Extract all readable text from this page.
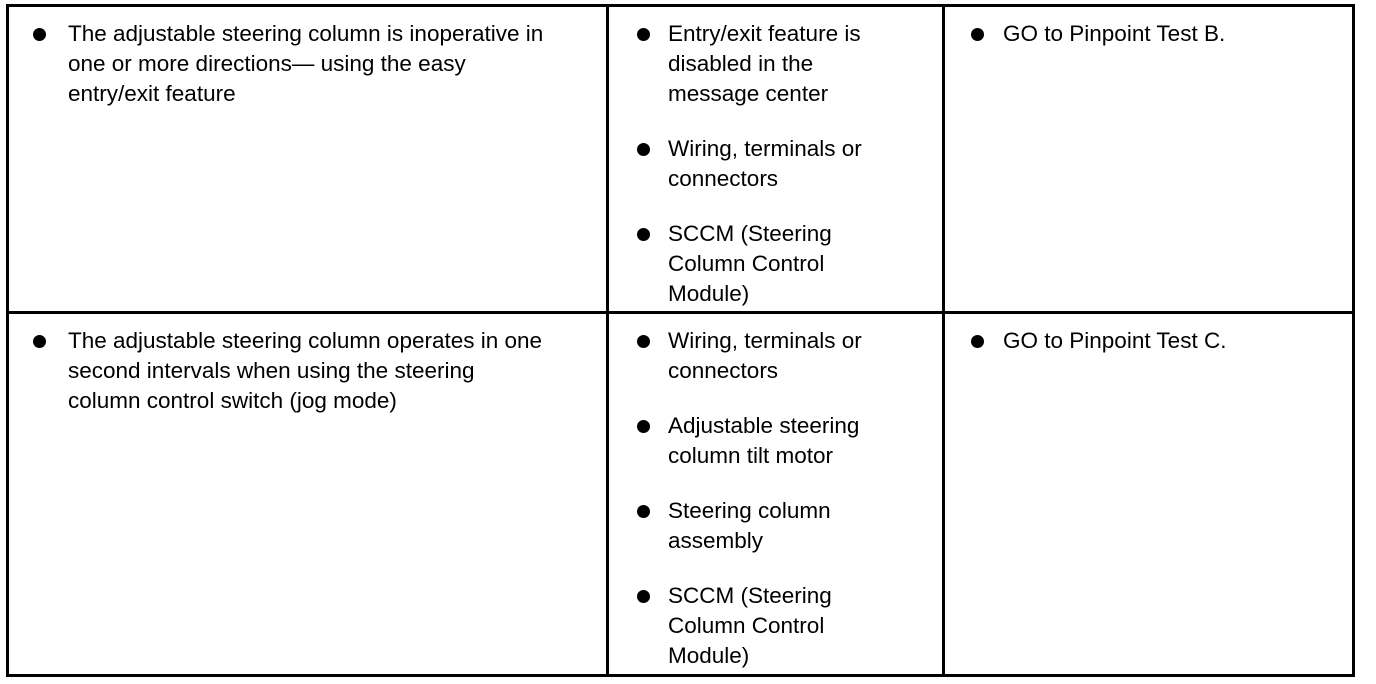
The adjustable steering column is inoperative in
one or more directions— using the easy
entry/exit feature
Entry/exit feature is
disabled in the
message center
Wiring, terminals or
connectors
SCCM (Steering
Column Control
Module)
GO to Pinpoint Test B.
The adjustable steering column operates in one
second intervals when using the steering
column control switch (jog mode)
Wiring, terminals or
connectors
Adjustable steering
column tilt motor
Steering column
assembly
SCCM (Steering
Column Control
Module)
GO to Pinpoint Test C.
